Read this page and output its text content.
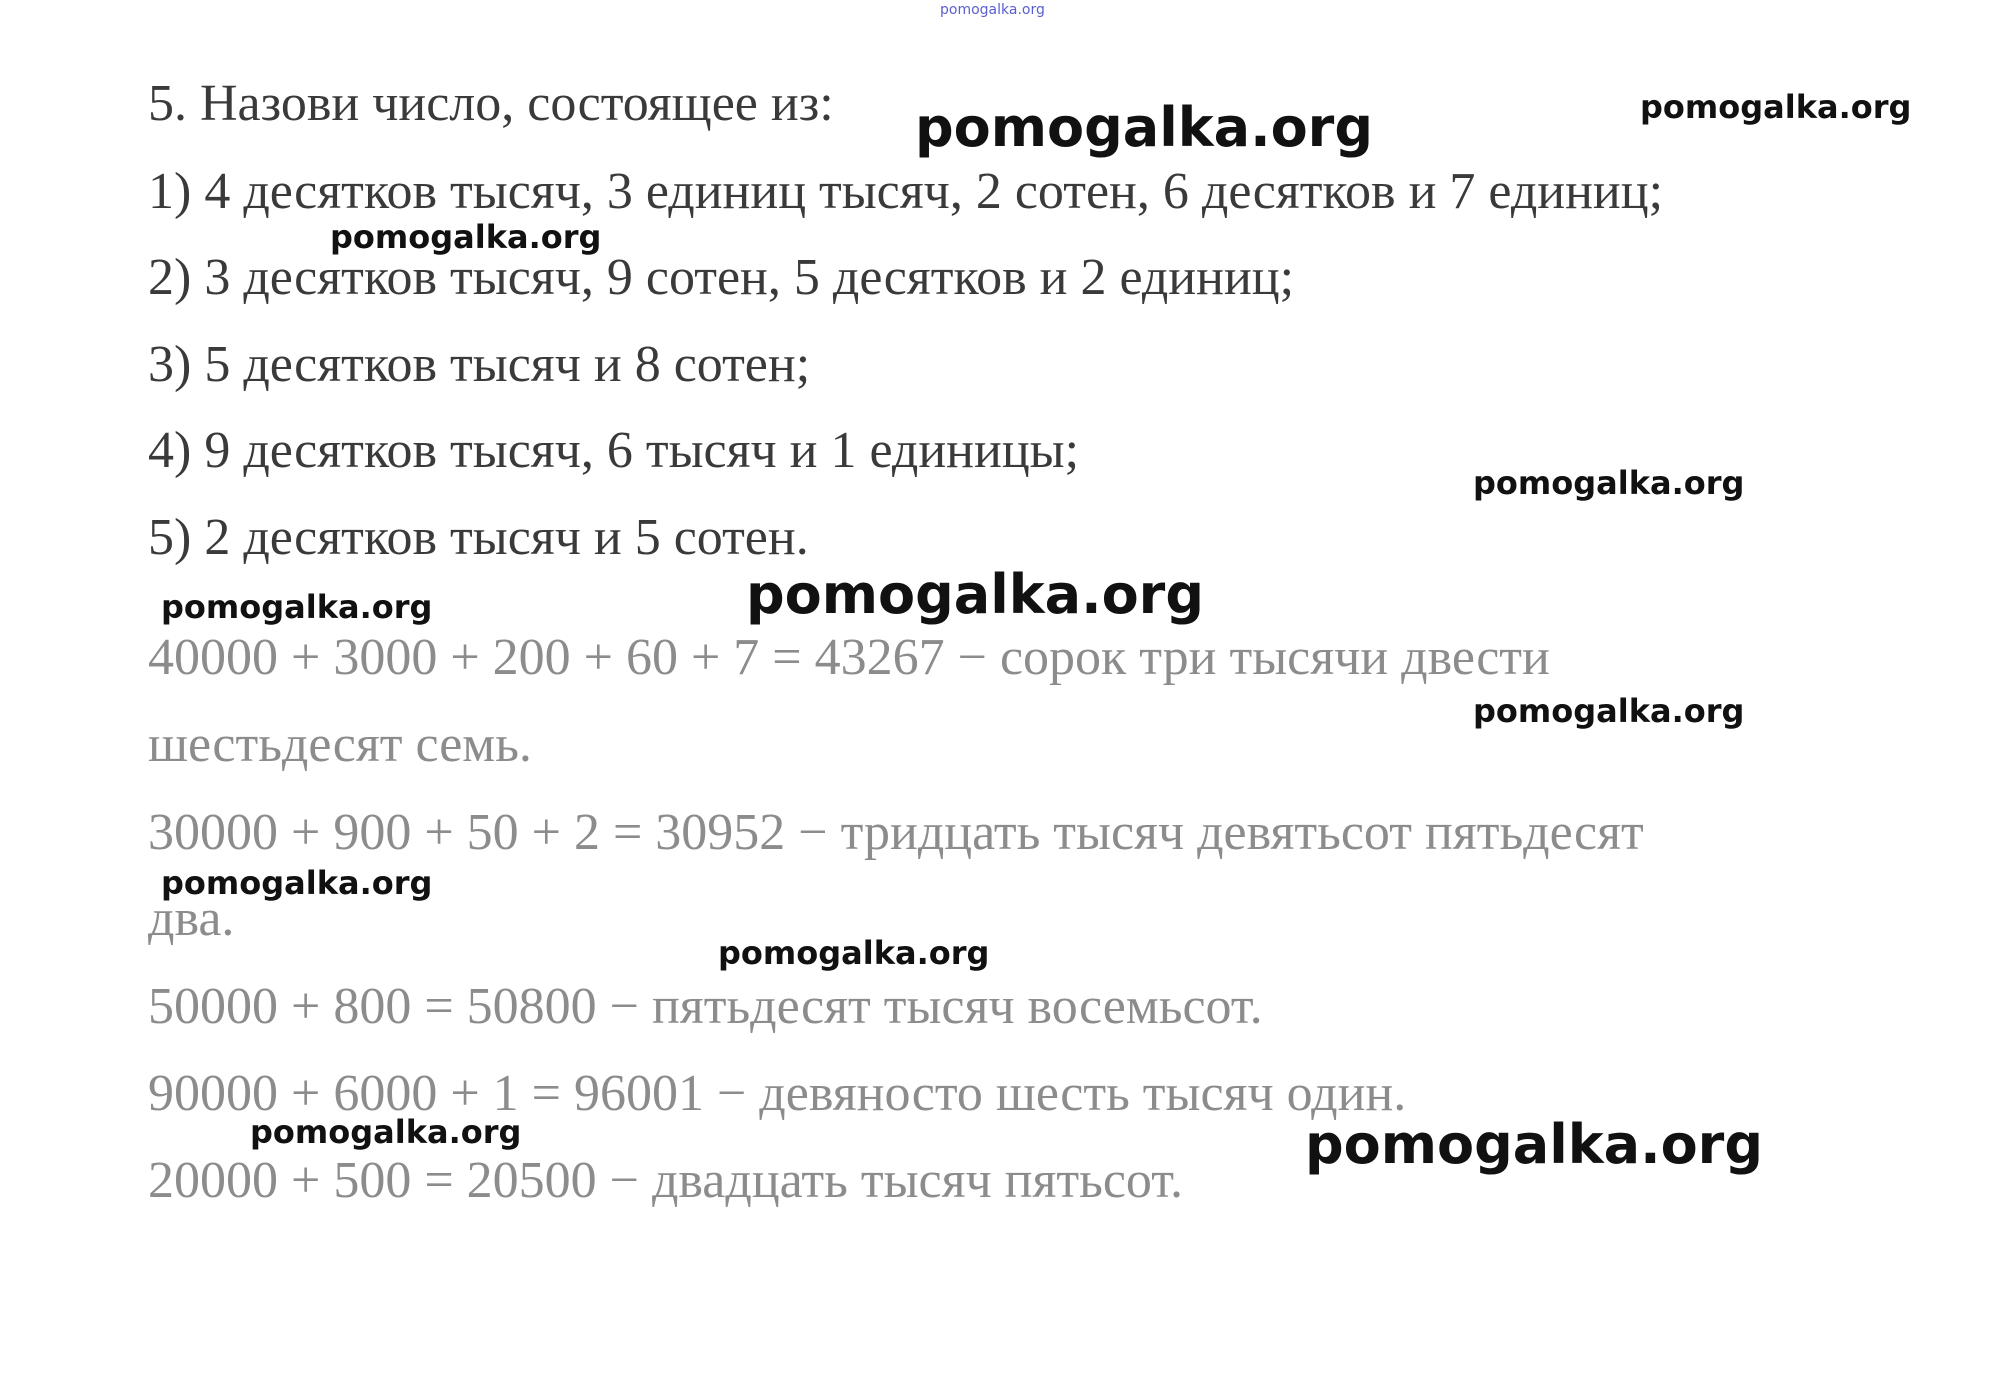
pomogalka.org

5. Назови число, состоящее из:

1) 4 десятков тысяч, 3 единиц тысяч, 2 сотен, 6 десятков и 7 единиц;

2) 3 десятков тысяч, 9 сотен, 5 десятков и 2 единиц;

3) 5 десятков тысяч и 8 сотен;

4) 9 десятков тысяч, 6 тысяч и 1 единицы;

5) 2 десятков тысяч и 5 сотен.

40000 + 3000 + 200 + 60 + 7 = 43267 − сорок три тысячи двести

шестьдесят семь.

30000 + 900 + 50 + 2 = 30952 − тридцать тысяч девятьсот пятьдесят

два.

50000 + 800 = 50800 − пятьдесят тысяч восемьсот.

90000 + 6000 + 1 = 96001 − девяносто шесть тысяч один.

20000 + 500 = 20500 − двадцать тысяч пятьсот.

pomogalka.org
pomogalka.org
pomogalka.org
pomogalka.org
pomogalka.org	pomogalka.org
pomogalka.org
pomogalka.org
pomogalka.org
pomogalka.org	pomogalka.org
